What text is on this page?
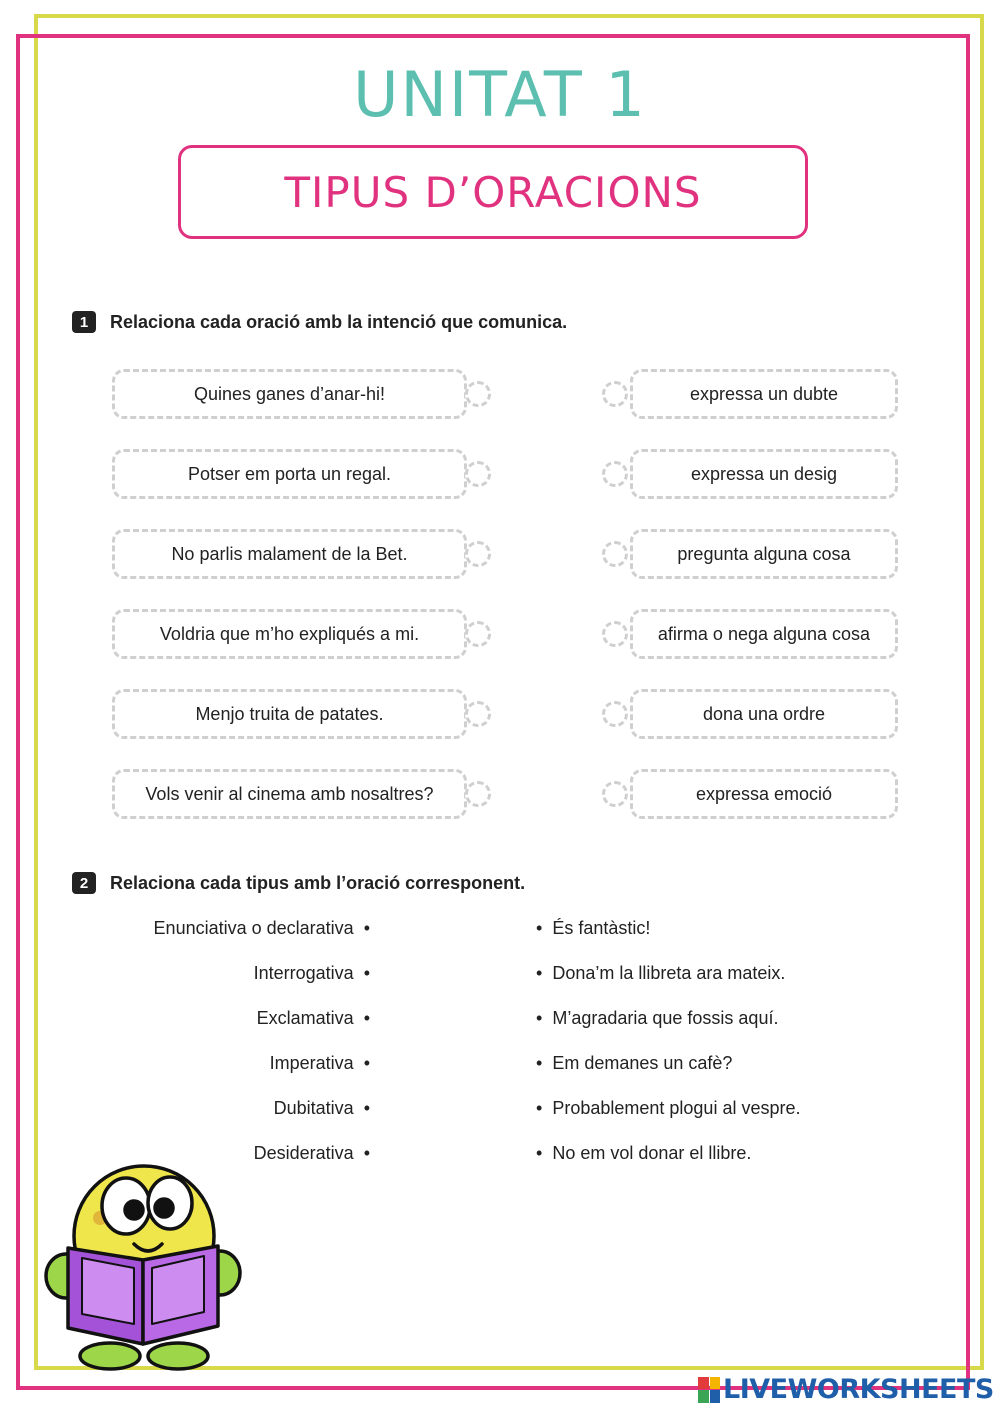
UNITAT 1
TIPUS D’ORACIONS
1	Relaciona cada oració amb la intenció que comunica.
Quines ganes d’anar-hi!
Potser em porta un regal.
No parlis malament de la Bet.
Voldria que m’ho expliqués a mi.
Menjo truita de patates.
Vols venir al cinema amb nosaltres?
expressa un dubte
expressa un desig
pregunta alguna cosa
afirma o nega alguna cosa
dona una ordre
expressa emoció
2	Relaciona cada tipus amb l’oració corresponent.
Enunciativa o declarativa •
Interrogativa •
Exclamativa •
Imperativa •
Dubitativa •
Desiderativa •
• És fantàstic!
• Dona’m la llibreta ara mateix.
• M’agradaria que fossis aquí.
• Em demanes un cafè?
• Probablement plogui al vespre.
• No em vol donar el llibre.
LIVEWORKSHEETS
